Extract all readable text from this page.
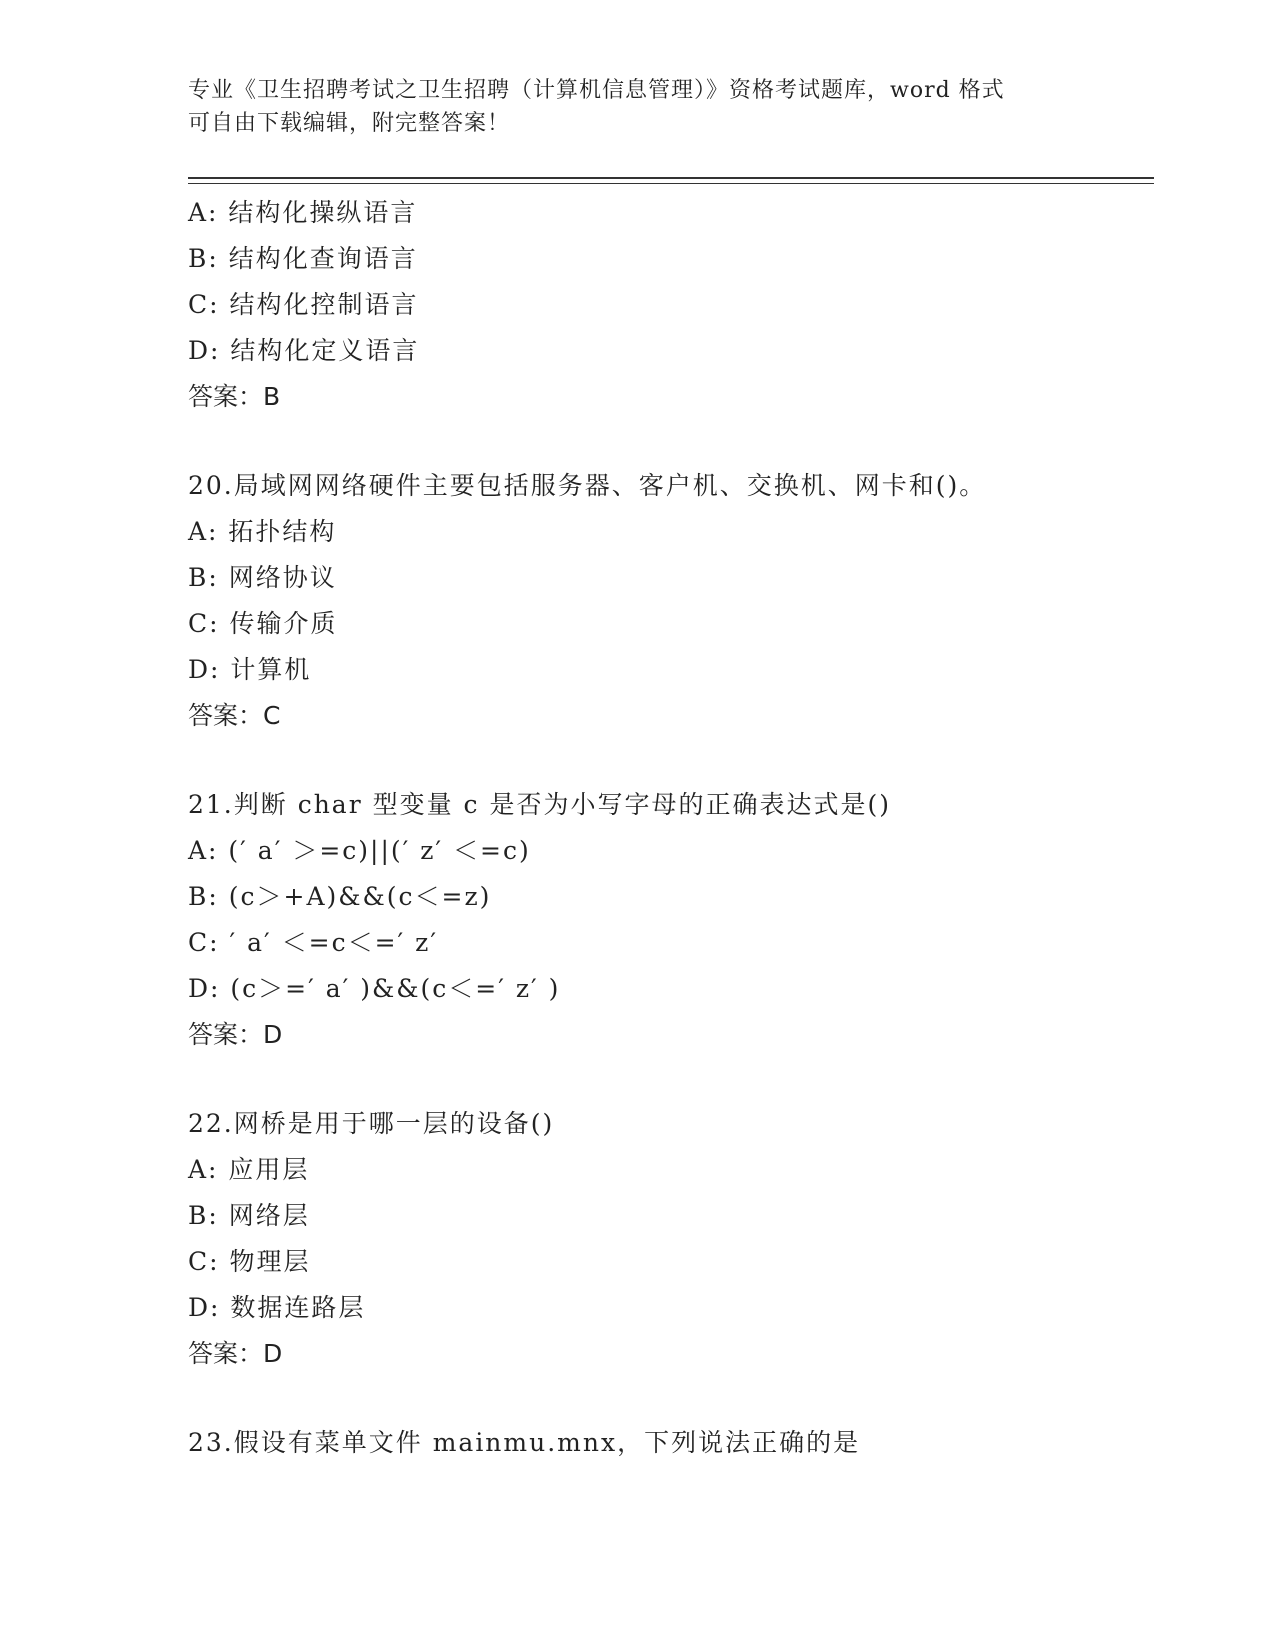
专业《卫生招聘考试之卫生招聘（计算机信息管理）》资格考试题库，word 格式
可自由下载编辑，附完整答案！
A: 结构化操纵语言
B: 结构化查询语言
C: 结构化控制语言
D: 结构化定义语言
答案：B
20.局域网网络硬件主要包括服务器、客户机、交换机、网卡和()。
A: 拓扑结构
B: 网络协议
C: 传输介质
D: 计算机
答案：C
21.判断 char 型变量 c 是否为小写字母的正确表达式是()
A: (′ a′ ＞=c)||(′ z′ ＜=c)
B: (c＞+A)&&(c＜=z)
C: ′ a′ ＜=c＜=′ z′
D: (c＞=′ a′ )&&(c＜=′ z′ )
答案：D
22.网桥是用于哪一层的设备()
A: 应用层
B: 网络层
C: 物理层
D: 数据连路层
答案：D
23.假设有菜单文件 mainmu.mnx，下列说法正确的是
